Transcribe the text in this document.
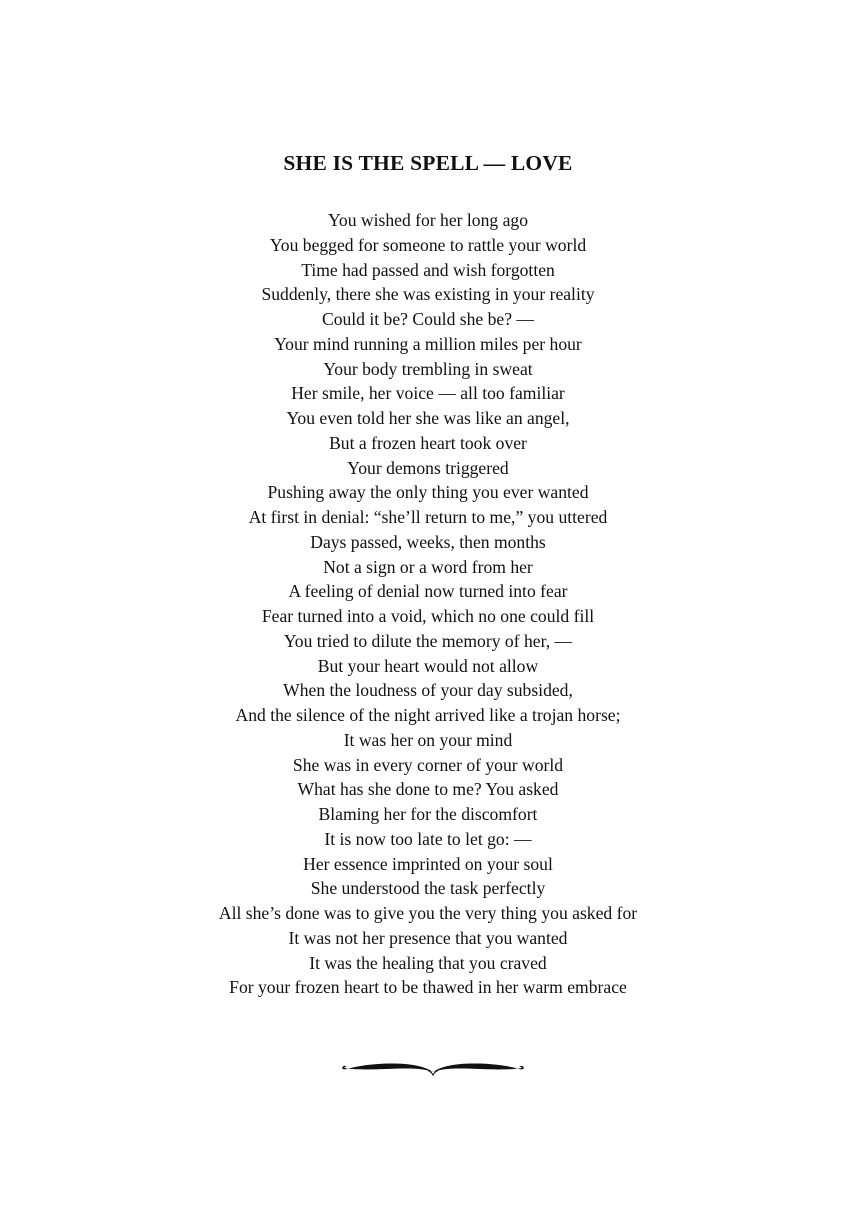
SHE IS THE SPELL — LOVE
You wished for her long ago
You begged for someone to rattle your world
Time had passed and wish forgotten
Suddenly, there she was existing in your reality
Could it be? Could she be? —
Your mind running a million miles per hour
Your body trembling in sweat
Her smile, her voice — all too familiar
You even told her she was like an angel,
But a frozen heart took over
Your demons triggered
Pushing away the only thing you ever wanted
At first in denial: “she’ll return to me,” you uttered
Days passed, weeks, then months
Not a sign or a word from her
A feeling of denial now turned into fear
Fear turned into a void, which no one could fill
You tried to dilute the memory of her, —
But your heart would not allow
When the loudness of your day subsided,
And the silence of the night arrived like a trojan horse;
It was her on your mind
She was in every corner of your world
What has she done to me? You asked
Blaming her for the discomfort
It is now too late to let go: —
Her essence imprinted on your soul
She understood the task perfectly
All she’s done was to give you the very thing you asked for
It was not her presence that you wanted
It was the healing that you craved
For your frozen heart to be thawed in her warm embrace
